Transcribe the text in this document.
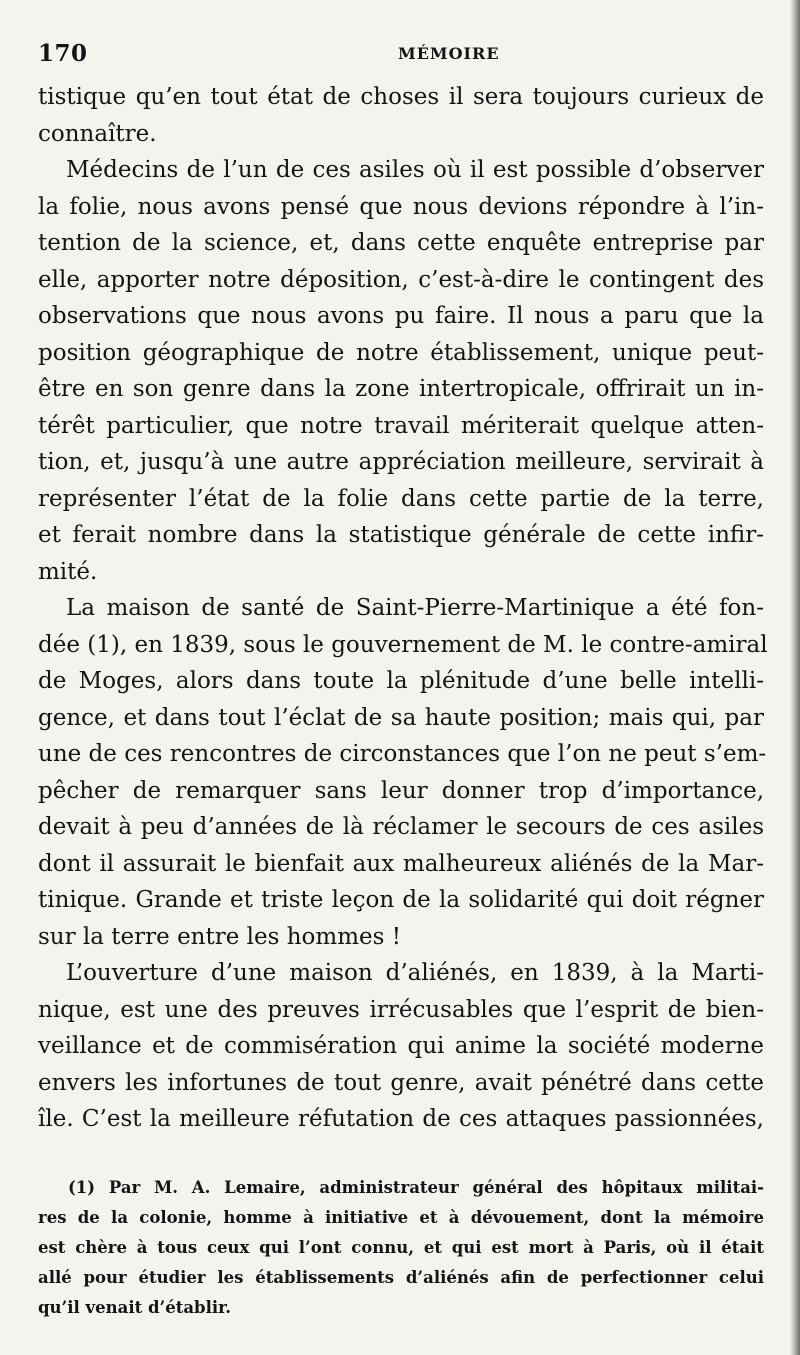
170	MÉMOIRE
tistique qu’en tout état de choses il sera toujours curieux de
connaître.
Médecins de l’un de ces asiles où il est possible d’observer
la folie, nous avons pensé que nous devions répondre à l’in-
tention de la science, et, dans cette enquête entreprise par
elle, apporter notre déposition, c’est-à-dire le contingent des
observations que nous avons pu faire. Il nous a paru que la
position géographique de notre établissement, unique peut-
être en son genre dans la zone intertropicale, offrirait un in-
térêt particulier, que notre travail mériterait quelque atten-
tion, et, jusqu’à une autre appréciation meilleure, servirait à
représenter l’état de la folie dans cette partie de la terre,
et ferait nombre dans la statistique générale de cette infir-
mité.
La maison de santé de Saint-Pierre-Martinique a été fon-
dée (1), en 1839, sous le gouvernement de M. le contre-amiral
de Moges, alors dans toute la plénitude d’une belle intelli-
gence, et dans tout l’éclat de sa haute position; mais qui, par
une de ces rencontres de circonstances que l’on ne peut s’em-
pêcher de remarquer sans leur donner trop d’importance,
devait à peu d’années de là réclamer le secours de ces asiles
dont il assurait le bienfait aux malheureux aliénés de la Mar-
tinique. Grande et triste leçon de la solidarité qui doit régner
sur la terre entre les hommes !
L’ouverture d’une maison d’aliénés, en 1839, à la Marti-
nique, est une des preuves irrécusables que l’esprit de bien-
veillance et de commisération qui anime la société moderne
envers les infortunes de tout genre, avait pénétré dans cette
île. C’est la meilleure réfutation de ces attaques passionnées,
(1) Par M. A. Lemaire, administrateur général des hôpitaux militai-
res de la colonie, homme à initiative et à dévouement, dont la mémoire
est chère à tous ceux qui l’ont connu, et qui est mort à Paris, où il était
allé pour étudier les établissements d’aliénés afin de perfectionner celui
qu’il venait d’établir.
